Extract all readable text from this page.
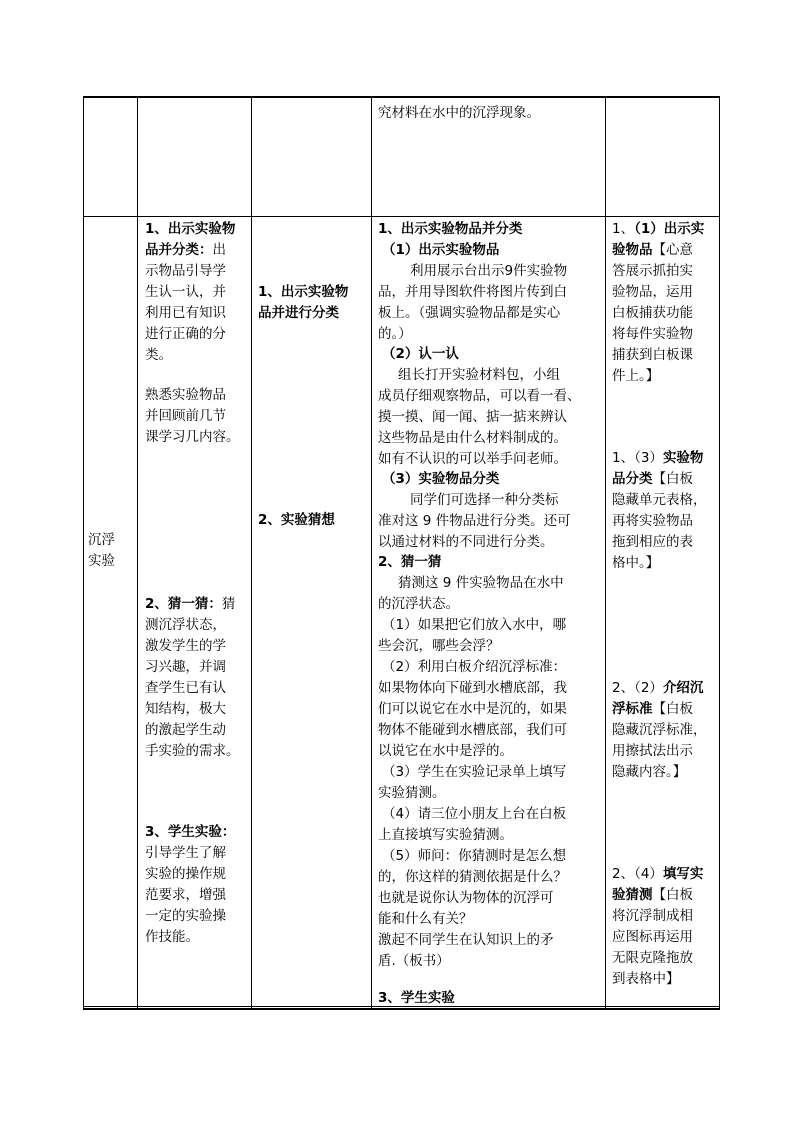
究材料在水中的沉浮现象。
沉浮
实验
1、出示实验物
品并分类：出
示物品引导学
生认一认，并
利用已有知识
进行正确的分
类。
熟悉实验物品
并回顾前几节
课学习几内容。
2、猜一猜：猜
测沉浮状态，
激发学生的学
习兴趣，并调
查学生已有认
知结构，极大
的激起学生动
手实验的需求。
3、学生实验：
引导学生了解
实验的操作规
范要求，增强
一定的实验操
作技能。
1、出示实验物
品并进行分类
2、实验猜想
1、出示实验物品并分类
（1）出示实验物品
利用展示台出示9件实验物
品，并用导图软件将图片传到白
板上。（强调实验物品都是实心
的。）
（2）认一认
组长打开实验材料包，小组
成员仔细观察物品，可以看一看、
摸一摸、闻一闻、掂一掂来辨认
这些物品是由什么材料制成的。
如有不认识的可以举手问老师。
（3）实验物品分类
同学们可选择一种分类标
准对这 9 件物品进行分类。还可
以通过材料的不同进行分类。
2、猜一猜
猜测这 9 件实验物品在水中
的沉浮状态。
（1）如果把它们放入水中，哪
些会沉，哪些会浮？
（2）利用白板介绍沉浮标准：
如果物体向下碰到水槽底部，我
们可以说它在水中是沉的，如果
物体不能碰到水槽底部，我们可
以说它在水中是浮的。
（3）学生在实验记录单上填写
实验猜测。
（4）请三位小朋友上台在白板
上直接填写实验猜测。
（5）师问：你猜测时是怎么想
的，你这样的猜测依据是什么？
也就是说你认为物体的沉浮可
能和什么有关？
激起不同学生在认知识上的矛
盾.（板书）
3、学生实验
1、（1）出示实
验物品【心意
答展示抓拍实
验物品，运用
白板捕获功能
将每件实验物
捕获到白板课
件上。】
1、（3）实验物
品分类【白板
隐藏单元表格，
再将实验物品
拖到相应的表
格中。】
2、（2）介绍沉
浮标准【白板
隐藏沉浮标准，
用擦拭法出示
隐藏内容。】
2、（4）填写实
验猜测【白板
将沉浮制成相
应图标再运用
无限克隆拖放
到表格中】
